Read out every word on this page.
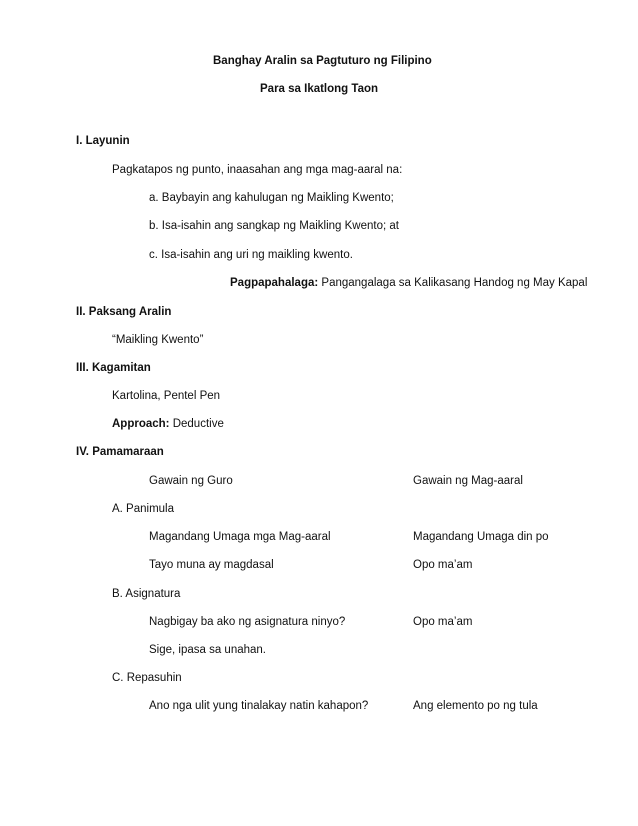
Banghay Aralin sa Pagtuturo ng Filipino
Para sa Ikatlong Taon
I. Layunin
Pagkatapos ng punto, inaasahan ang mga mag-aaral na:
a. Baybayin ang kahulugan ng Maikling Kwento;
b. Isa-isahin ang sangkap ng Maikling Kwento; at
c. Isa-isahin ang uri ng maikling kwento.
Pagpapahalaga: Pangangalaga sa Kalikasang Handog ng May Kapal
II. Paksang Aralin
“Maikling Kwento”
III. Kagamitan
Kartolina, Pentel Pen
Approach: Deductive
IV. Pamamaraan
Gawain ng Guro	Gawain ng Mag-aaral
A. Panimula
Magandang Umaga mga Mag-aaral	Magandang Umaga din po
Tayo muna ay magdasal	Opo ma’am
B. Asignatura
Nagbigay ba ako ng asignatura ninyo?	Opo ma’am
Sige, ipasa sa unahan.
C. Repasuhin
Ano nga ulit yung tinalakay natin kahapon?	Ang elemento po ng tula
